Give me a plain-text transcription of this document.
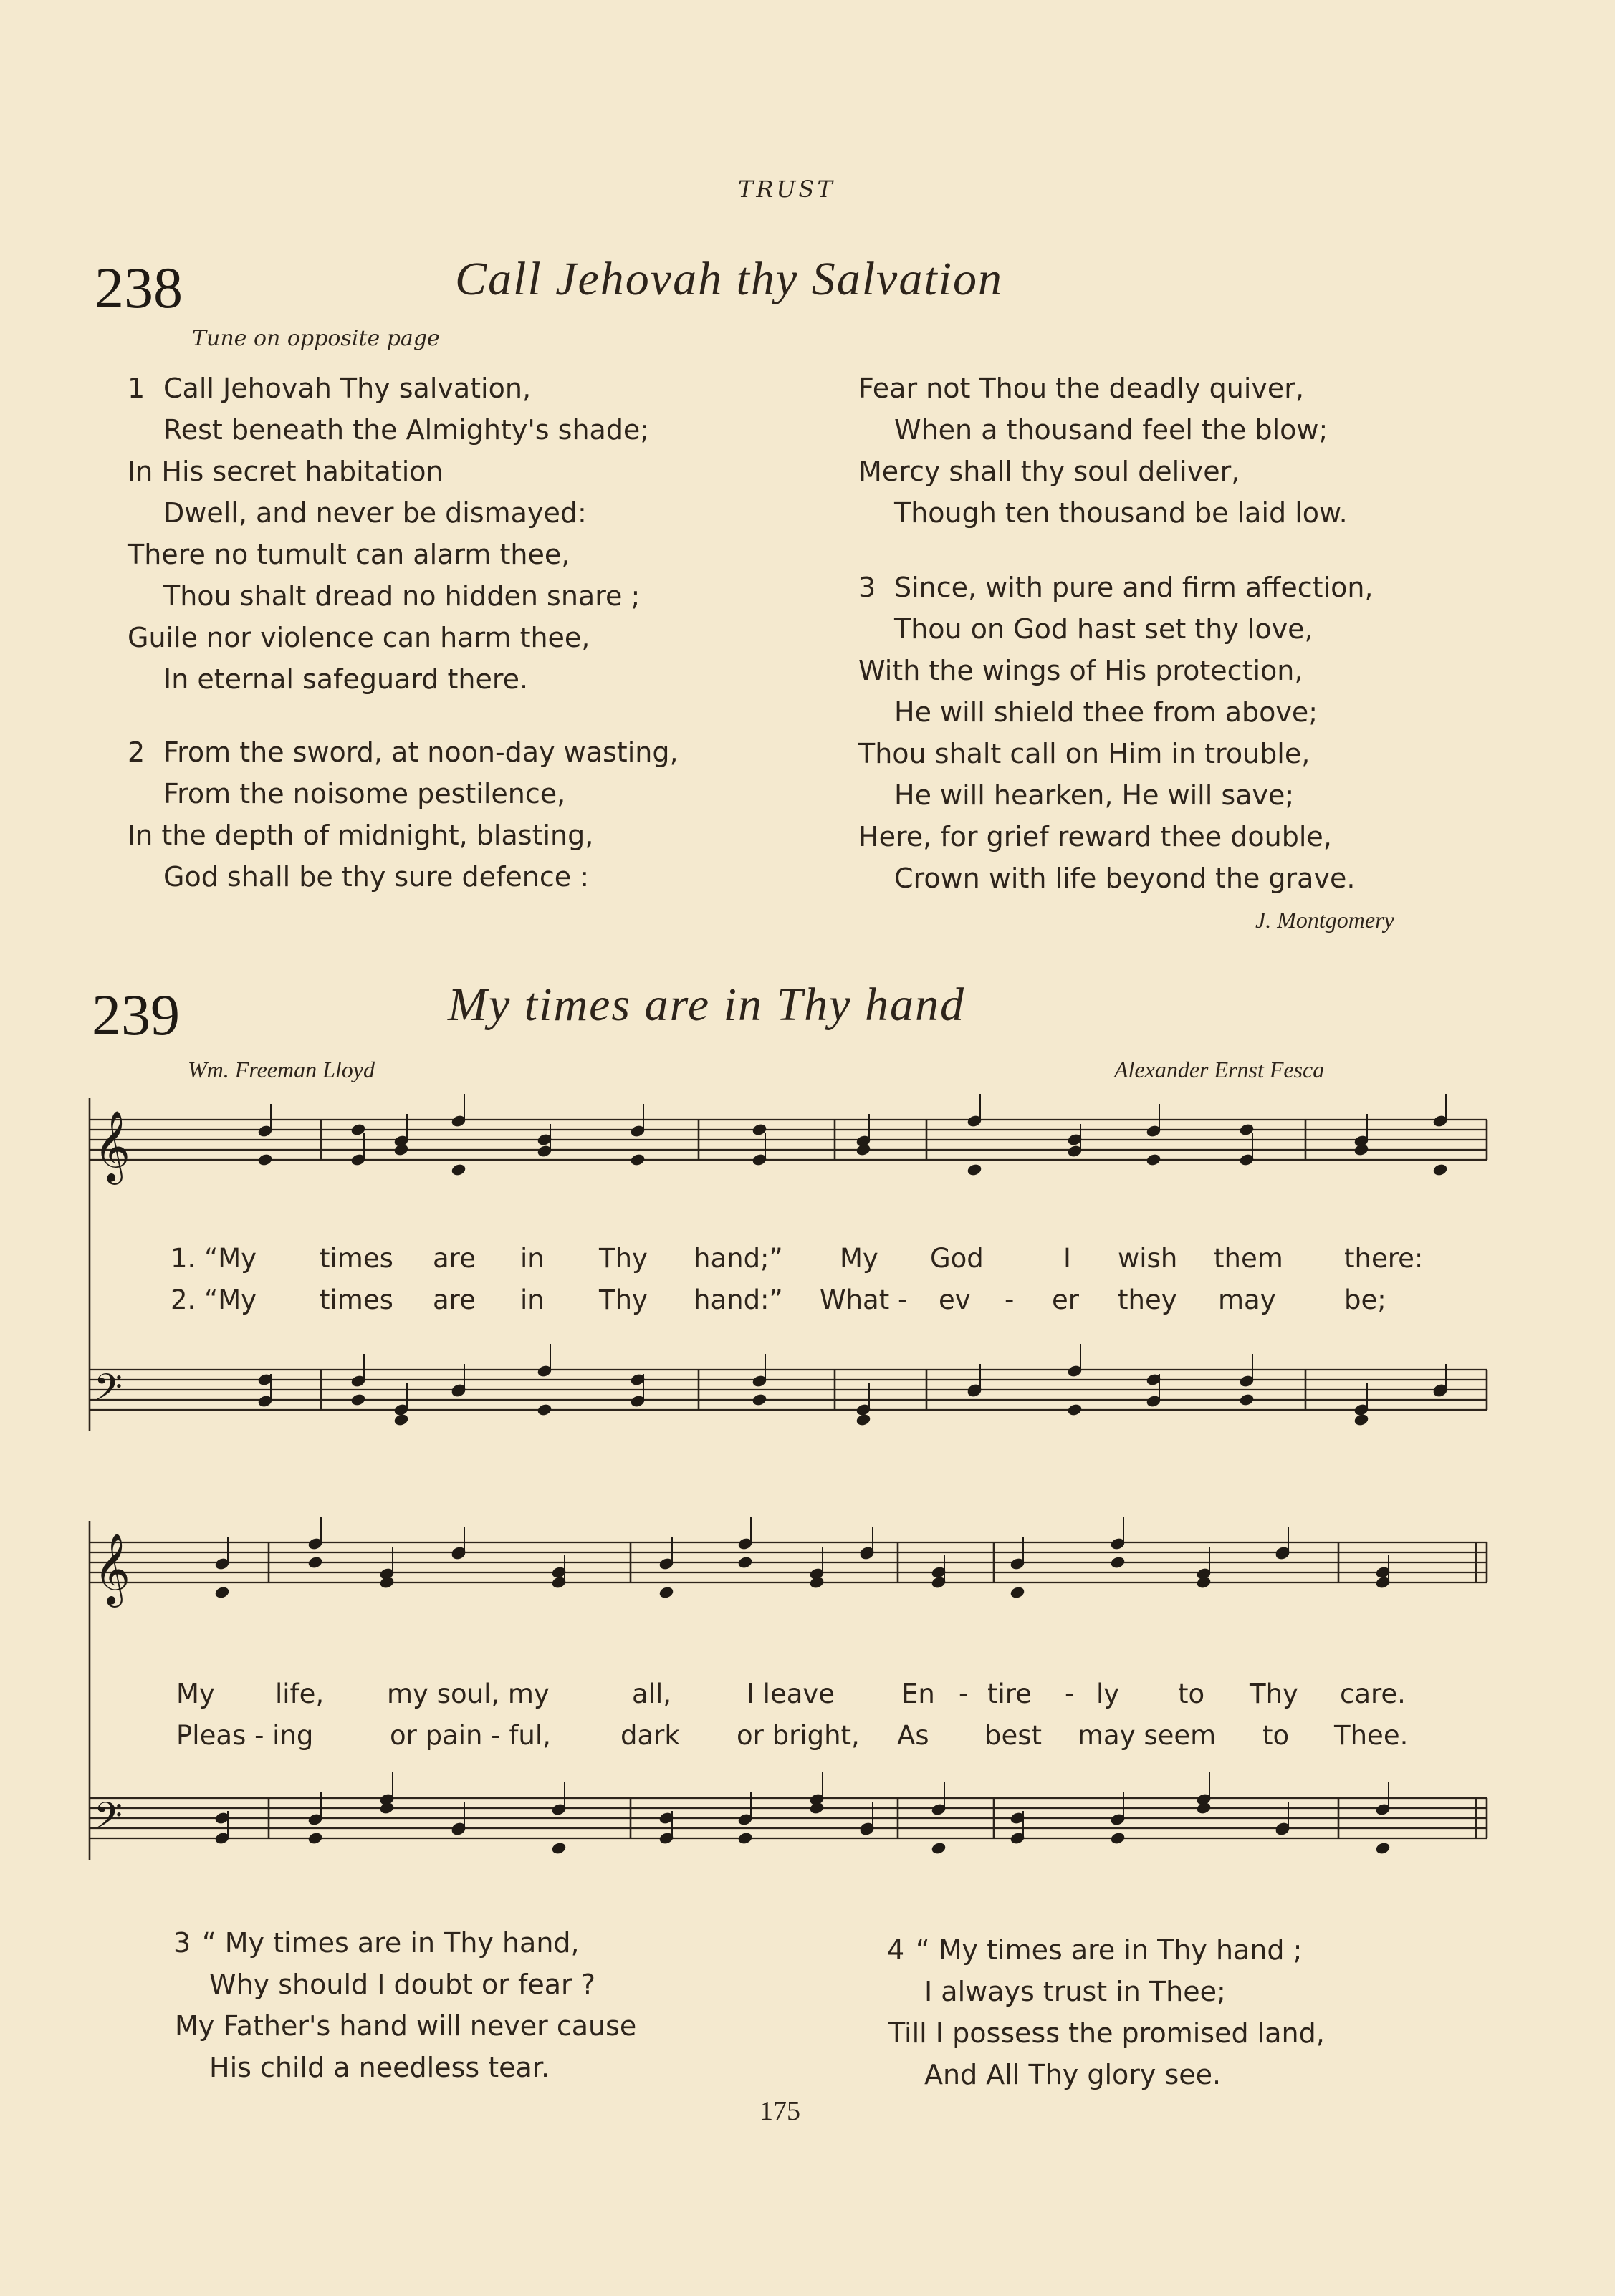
TRUST
238	Call Jehovah thy Salvation
Tune on opposite page
1 Call Jehovah Thy salvation,
Rest beneath the Almighty's shade;
In His secret habitation
Dwell, and never be dismayed:
There no tumult can alarm thee,
Thou shalt dread no hidden snare ;
Guile nor violence can harm thee,
In eternal safeguard there.
2 From the sword, at noon-day wasting,
From the noisome pestilence,
In the depth of midnight, blasting,
God shall be thy sure defence :
Fear not Thou the deadly quiver,
When a thousand feel the blow;
Mercy shall thy soul deliver,
Though ten thousand be laid low.
3 Since, with pure and firm affection,
Thou on God hast set thy love,
With the wings of His protection,
He will shield thee from above;
Thou shalt call on Him in trouble,
He will hearken, He will save;
Here, for grief reward thee double,
Crown with life beyond the grave.
J. Montgomery
239	My times are in Thy hand
Wm. Freeman Lloyd	Alexander Ernst Fesca
𝄞
𝄢
𝄞
𝄢
1. “My times are in Thy hand;” My God	I wish them there:
2. “My times are in Thy hand:” What - ev - er they may	be;
My life, my soul, my	all,	I leave	En - tire - ly to Thy care.
Pleas - ing	or pain - ful,	dark or bright, As best may seem to Thee.
3 “ My times are in Thy hand,
Why should I doubt or fear ?
My Father's hand will never cause
His child a needless tear.
4 “ My times are in Thy hand ;
I always trust in Thee;
Till I possess the promised land,
And All Thy glory see.
175
